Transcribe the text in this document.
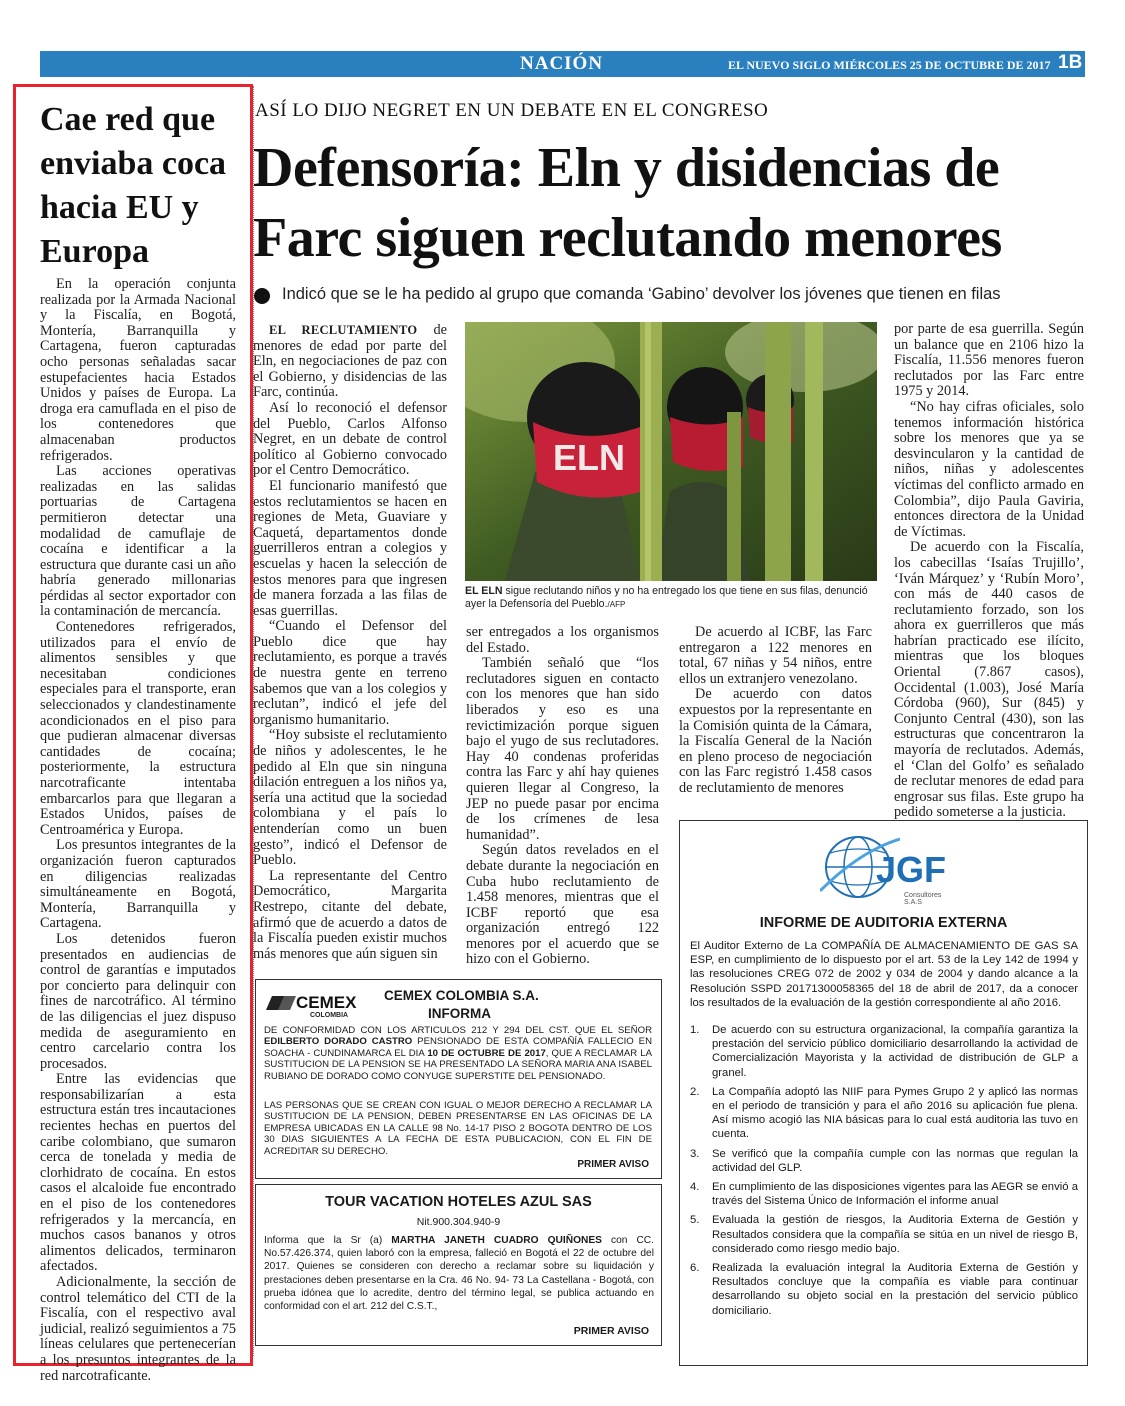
NACIÓN	EL NUEVO SIGLO MIÉRCOLES 25 DE OCTUBRE DE 2017 1B
Cae red que enviaba coca hacia EU y Europa

En la operación conjunta realizada por la Armada Nacional y la Fiscalía, en Bogotá, Montería, Barranquilla y Cartagena, fueron capturadas ocho personas señaladas sacar estupefacientes hacia Estados Unidos y países de Europa. La droga era camuflada en el piso de los contenedores que almacenaban productos refrigerados.

Las acciones operativas realizadas en las salidas portuarias de Cartagena permitieron detectar una modalidad de camuflaje de cocaína e identificar a la estructura que durante casi un año habría generado millonarias pérdidas al sector exportador con la contaminación de mercancía.

Contenedores refrigerados, utilizados para el envío de alimentos sensibles y que necesitaban condiciones especiales para el transporte, eran seleccionados y clandestinamente acondicionados en el piso para que pudieran almacenar diversas cantidades de cocaína; posteriormente, la estructura narcotraficante intentaba embarcarlos para que llegaran a Estados Unidos, países de Centroamérica y Europa.

Los presuntos integrantes de la organización fueron capturados en diligencias realizadas simultáneamente en Bogotá, Montería, Barranquilla y Cartagena.

Los detenidos fueron presentados en audiencias de control de garantías e imputados por concierto para delinquir con fines de narcotráfico. Al término de las diligencias el juez dispuso medida de aseguramiento en centro carcelario contra los procesados.

Entre las evidencias que responsabilizarían a esta estructura están tres incautaciones recientes hechas en puertos del caribe colombiano, que sumaron cerca de tonelada y media de clorhidrato de cocaína. En estos casos el alcaloide fue encontrado en el piso de los contenedores refrigerados y la mercancía, en muchos casos bananos y otros alimentos delicados, terminaron afectados.

Adicionalmente, la sección de control telemático del CTI de la Fiscalía, con el respectivo aval judicial, realizó seguimientos a 75 líneas celulares que pertenecerían a los presuntos integrantes de la red narcotraficante.

ASÍ LO DIJO NEGRET EN UN DEBATE EN EL CONGRESO
Defensoría: Eln y disidencias de Farc siguen reclutando menores
Indicó que se le ha pedido al grupo que comanda ‘Gabino’ devolver los jóvenes que tienen en filas

EL RECLUTAMIENTO de menores de edad por parte del Eln, en negociaciones de paz con el Gobierno, y disidencias de las Farc, continúa.

Así lo reconoció el defensor del Pueblo, Carlos Alfonso Negret, en un debate de control político al Gobierno convocado por el Centro Democrático.

El funcionario manifestó que estos reclutamientos se hacen en regiones de Meta, Guaviare y Caquetá, departamentos donde guerrilleros entran a colegios y escuelas y hacen la selección de estos menores para que ingresen de manera forzada a las filas de esas guerrillas.

“Cuando el Defensor del Pueblo dice que hay reclutamiento, es porque a través de nuestra gente en terreno sabemos que van a los colegios y reclutan”, indicó el jefe del organismo humanitario.

“Hoy subsiste el reclutamiento de niños y adolescentes, le he pedido al Eln que sin ninguna dilación entreguen a los niños ya, sería una actitud que la sociedad colombiana y el país lo entenderían como un buen gesto”, indicó el Defensor de Pueblo.

La representante del Centro Democrático, Margarita Restrepo, citante del debate, afirmó que de acuerdo a datos de la Fiscalía pueden existir muchos más menores que aún siguen sin

ELN
EL ELN sigue reclutando niños y no ha entregado los que tiene en sus filas, denunció ayer la Defensoría del Pueblo./AFP

ser entregados a los organismos del Estado.

También señaló que “los reclutadores siguen en contacto con los menores que han sido liberados y eso es una revictimización porque siguen bajo el yugo de sus reclutadores. Hay 40 condenas proferidas contra las Farc y ahí hay quienes quieren llegar al Congreso, la JEP no puede pasar por encima de los crímenes de lesa humanidad”.

Según datos revelados en el debate durante la negociación en Cuba hubo reclutamiento de 1.458 menores, mientras que el ICBF reportó que esa organización entregó 122 menores por el acuerdo que se hizo con el Gobierno.

De acuerdo al ICBF, las Farc entregaron a 122 menores en total, 67 niñas y 54 niños, entre ellos un extranjero venezolano.

De acuerdo con datos expuestos por la representante en la Comisión quinta de la Cámara, la Fiscalía General de la Nación en pleno proceso de negociación con las Farc registró 1.458 casos de reclutamiento de menores

por parte de esa guerrilla. Según un balance que en 2106 hizo la Fiscalía, 11.556 menores fueron reclutados por las Farc entre 1975 y 2014.

“No hay cifras oficiales, solo tenemos información histórica sobre los menores que ya se desvincularon y la cantidad de niños, niñas y adolescentes víctimas del conflicto armado en Colombia”, dijo Paula Gaviria, entonces directora de la Unidad de Víctimas.

De acuerdo con la Fiscalía, los cabecillas ‘Isaías Trujillo’, ‘Iván Márquez’ y ‘Rubín Moro’, con más de 440 casos de reclutamiento forzado, son los ahora ex guerrilleros que más habrían practicado ese ilícito, mientras que los bloques Oriental (7.867 casos), Occidental (1.003), José María Córdoba (960), Sur (845) y Conjunto Central (430), son las estructuras que concentraron la mayoría de reclutados. Además, el ‘Clan del Golfo’ es señalado de reclutar menores de edad para engrosar sus filas. Este grupo ha pedido someterse a la justicia.

CEMEX
COLOMBIA
CEMEX COLOMBIA S.A.
INFORMA
DE CONFORMIDAD CON LOS ARTICULOS 212 Y 294 DEL CST. QUE EL SEÑOR EDILBERTO DORADO CASTRO PENSIONADO DE ESTA COMPAÑÍA FALLECIO EN SOACHA - CUNDINAMARCA EL DIA 10 DE OCTUBRE DE 2017, QUE A RECLAMAR LA SUSTITUCION DE LA PENSION SE HA PRESENTADO LA SEÑORA MARIA ANA ISABEL RUBIANO DE DORADO COMO CONYUGE SUPERSTITE DEL PENSIONADO.
LAS PERSONAS QUE SE CREAN CON IGUAL O MEJOR DERECHO A RECLAMAR LA SUSTITUCION DE LA PENSION, DEBEN PRESENTARSE EN LAS OFICINAS DE LA EMPRESA UBICADAS EN LA CALLE 98 No. 14-17 PISO 2 BOGOTA DENTRO DE LOS 30 DIAS SIGUIENTES A LA FECHA DE ESTA PUBLICACION, CON EL FIN DE ACREDITAR SU DERECHO.
PRIMER AVISO
TOUR VACATION HOTELES AZUL SAS
Nit.900.304.940-9
Informa que la Sr (a) MARTHA JANETH CUADRO QUIÑONES con CC. No.57.426.374, quien laboró con la empresa, falleció en Bogotá el 22 de octubre del 2017. Quienes se consideren con derecho a reclamar sobre su liquidación y prestaciones deben presentarse en la Cra. 46 No. 94- 73 La Castellana - Bogotá, con prueba idónea que lo acredite, dentro del término legal, se publica actuando en conformidad con el art. 212 del C.S.T.,
PRIMER AVISO
JGF
Consultores S.A.S
INFORME DE AUDITORIA EXTERNA
El Auditor Externo de La COMPAÑÍA DE ALMACENAMIENTO DE GAS SA ESP, en cumplimiento de lo dispuesto por el art. 53 de la Ley 142 de 1994 y las resoluciones CREG 072 de 2002 y 034 de 2004 y dando alcance a la Resolución SSPD 20171300058365 del 18 de abril de 2017, da a conocer los resultados de la evaluación de la gestión correspondiente al año 2016.
1.	De acuerdo con su estructura organizacional, la compañía garantiza la prestación del servicio público domiciliario desarrollando la actividad de Comercialización Mayorista y la actividad de distribución de GLP a granel.
2.	La Compañía adoptó las NIIF para Pymes Grupo 2 y aplicó las normas en el periodo de transición y para el año 2016 su aplicación fue plena. Así mismo acogió las NIA básicas para lo cual está auditoria las tuvo en cuenta.
3.	Se verificó que la compañía cumple con las normas que regulan la actividad del GLP.
4.	En cumplimiento de las disposiciones vigentes para las AEGR se envió a través del Sistema Único de Información el informe anual
5.	Evaluada la gestión de riesgos, la Auditoria Externa de Gestión y Resultados considera que la compañía se sitúa en un nivel de riesgo B, considerado como riesgo medio bajo.
6.	Realizada la evaluación integral la Auditoria Externa de Gestión y Resultados concluye que la compañía es viable para continuar desarrollando su objeto social en la prestación del servicio público domiciliario.
